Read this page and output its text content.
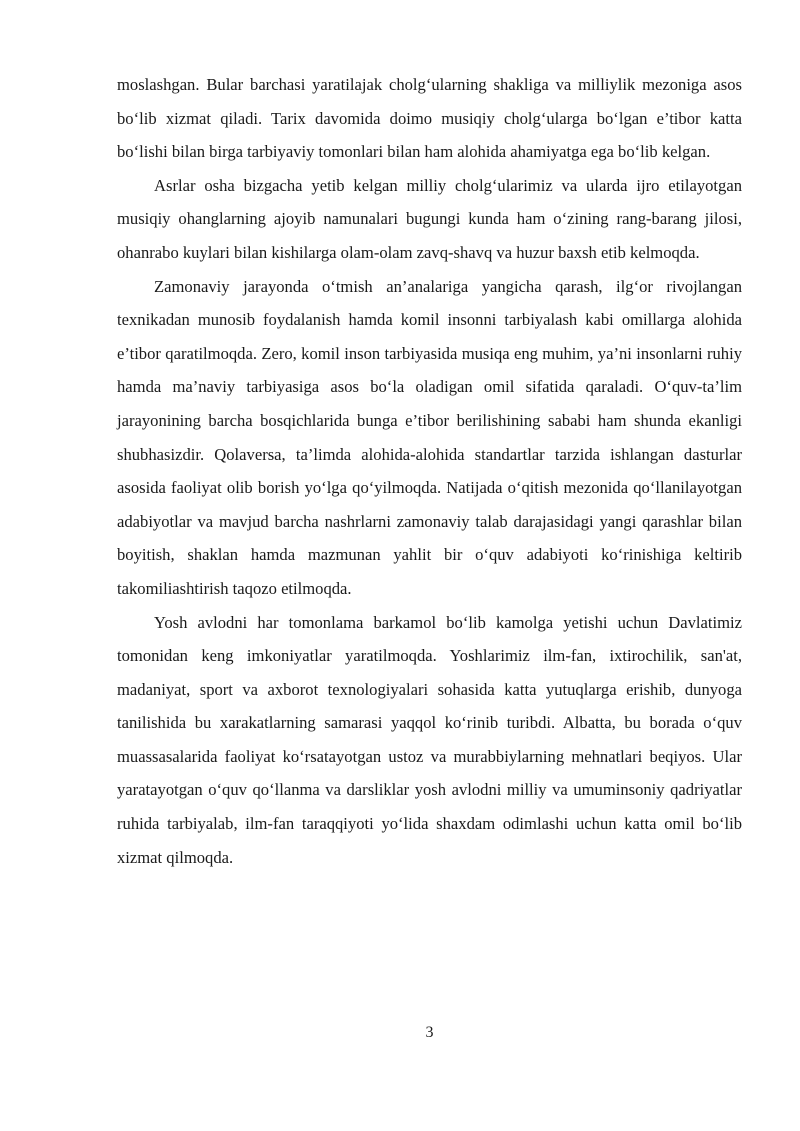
moslashgan. Bular barchasi yaratilajak cholg‘ularning shakliga va milliylik mezoniga asos bo‘lib xizmat qiladi. Tarix davomida doimo musiqiy cholg‘ularga bo‘lgan e’tibor katta bo‘lishi bilan birga tarbiyaviy tomonlari bilan ham alohida ahamiyatga ega bo‘lib kelgan.

Asrlar osha bizgacha yetib kelgan milliy cholg‘ularimiz va ularda ijro etilayotgan musiqiy ohanglarning ajoyib namunalari bugungi kunda ham o‘zining rang-barang jilosi, ohanrabo kuylari bilan kishilarga olam-olam zavq-shavq va huzur baxsh etib kelmoqda.

Zamonaviy jarayonda o‘tmish an’analariga yangicha qarash, ilg‘or rivojlangan texnikadan munosib foydalanish hamda komil insonni tarbiyalash kabi omillarga alohida e’tibor qaratilmoqda. Zero, komil inson tarbiyasida musiqa eng muhim, ya’ni insonlarni ruhiy hamda ma’naviy tarbiyasiga asos bo‘la oladigan omil sifatida qaraladi. O‘quv-ta’lim jarayonining barcha bosqichlarida bunga e’tibor berilishining sababi ham shunda ekanligi shubhasizdir. Qolaversa, ta’limda alohida-alohida standartlar tarzida ishlangan dasturlar asosida faoliyat olib borish yo‘lga qo‘yilmoqda. Natijada o‘qitish mezonida qo‘llanilayotgan adabiyotlar va mavjud barcha nashrlarni zamonaviy talab darajasidagi yangi qarashlar bilan boyitish, shaklan hamda mazmunan yahlit bir o‘quv adabiyoti ko‘rinishiga keltirib takomiliashtirish taqozo etilmoqda.

Yosh avlodni har tomonlama barkamol bo‘lib kamolga yetishi uchun Davlatimiz tomonidan keng imkoniyatlar yaratilmoqda. Yoshlarimiz ilm-fan, ixtirochilik, san'at, madaniyat, sport va axborot texnologiyalari sohasida katta yutuqlarga erishib, dunyoga tanilishida bu xarakatlarning samarasi yaqqol ko‘rinib turibdi. Albatta, bu borada o‘quv muassasalarida faoliyat ko‘rsatayotgan ustoz va murabbiylarning mehnatlari beqiyos. Ular yaratayotgan o‘quv qo‘llanma va darsliklar yosh avlodni milliy va umuminsoniy qadriyatlar ruhida tarbiyalab, ilm-fan taraqqiyoti yo‘lida shaxdam odimlashi uchun katta omil bo‘lib xizmat qilmoqda.

3
